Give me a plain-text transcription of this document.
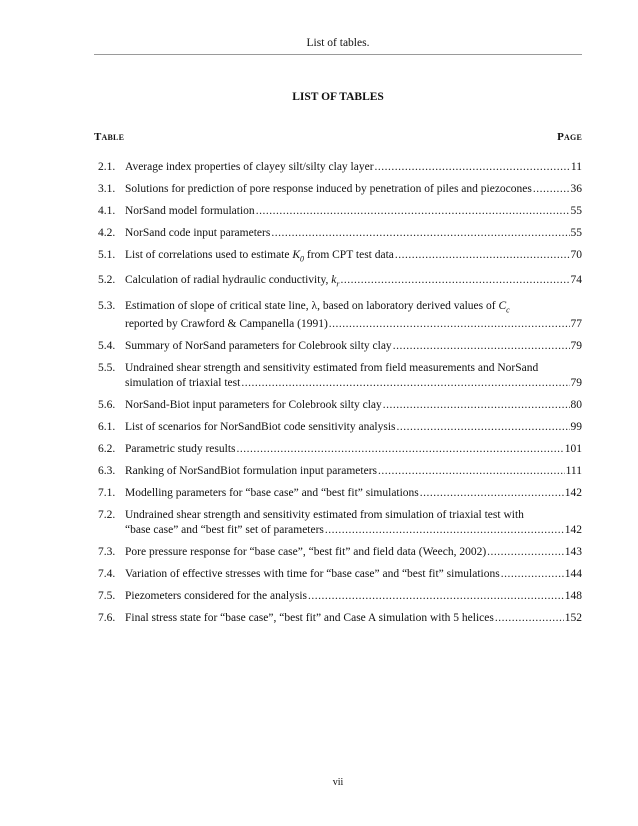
List of tables.
LIST OF TABLES
Table	Page
2.1. Average index properties of clayey silt/silty clay layer .....	11
3.1. Solutions for prediction of pore response induced by penetration of piles and piezocones .....	36
4.1. NorSand model formulation .....	55
4.2. NorSand code input parameters .....	55
5.1. List of correlations used to estimate $K_0$ from CPT test data .....	70
5.2. Calculation of radial hydraulic conductivity, $k_r$ .....	74
5.3. Estimation of slope of critical state line, λ, based on laboratory derived values of $C_c$
reported by Crawford & Campanella (1991) .....	77
5.4. Summary of NorSand parameters for Colebrook silty clay .....	79
5.5. Undrained shear strength and sensitivity estimated from field measurements and NorSand
simulation of triaxial test .....	79
5.6. NorSand-Biot input parameters for Colebrook silty clay .....	80
6.1. List of scenarios for NorSandBiot code sensitivity analysis .....	99
6.2. Parametric study results .....	101
6.3. Ranking of NorSandBiot formulation input parameters .....	111
7.1. Modelling parameters for “base case” and “best fit” simulations .....	142
7.2. Undrained shear strength and sensitivity estimated from simulation of triaxial test with
“base case” and “best fit” set of parameters .....	142
7.3. Pore pressure response for “base case”, “best fit” and field data (Weech, 2002) .....	143
7.4. Variation of effective stresses with time for “base case” and “best fit” simulations .....	144
7.5. Piezometers considered for the analysis .....	148
7.6. Final stress state for “base case”, “best fit” and Case A simulation with 5 helices .....	152
vii
